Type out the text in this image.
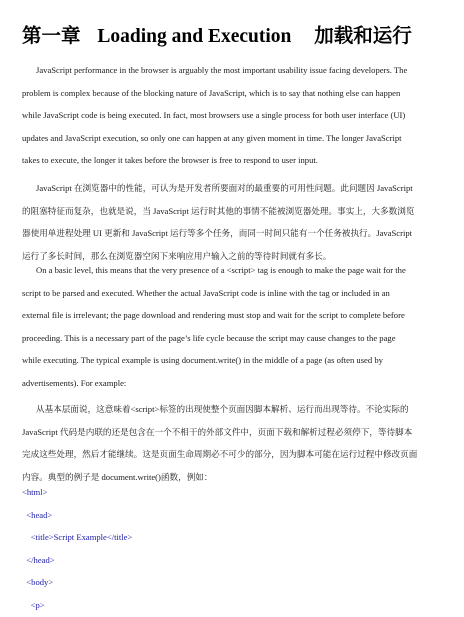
第一章 Loading and Execution 加载和运行
JavaScript performance in the browser is arguably the most important usability issue facing developers. The
problem is complex because of the blocking nature of JavaScript, which is to say that nothing else can happen
while JavaScript code is being executed. In fact, most browsers use a single process for both user interface (UI)
updates and JavaScript execution, so only one can happen at any given moment in time. The longer JavaScript
takes to execute, the longer it takes before the browser is free to respond to user input.
JavaScript 在浏览器中的性能，可认为是开发者所要面对的最重要的可用性问题。此问题因 JavaScript
的阻塞特征而复杂，也就是说，当 JavaScript 运行时其他的事情不能被浏览器处理。事实上，大多数浏览
器使用单进程处理 UI 更新和 JavaScript 运行等多个任务，而同一时间只能有一个任务被执行。JavaScript
运行了多长时间，那么在浏览器空闲下来响应用户输入之前的等待时间就有多长。
On a basic level, this means that the very presence of a <script> tag is enough to make the page wait for the
script to be parsed and executed. Whether the actual JavaScript code is inline with the tag or included in an
external file is irrelevant; the page download and rendering must stop and wait for the script to complete before
proceeding. This is a necessary part of the page’s life cycle because the script may cause changes to the page
while executing. The typical example is using document.write() in the middle of a page (as often used by
advertisements). For example:
从基本层面说，这意味着<script>标签的出现使整个页面因脚本解析、运行而出现等待。不论实际的
JavaScript 代码是内联的还是包含在一个不相干的外部文件中，页面下载和解析过程必须停下，等待脚本
完成这些处理，然后才能继续。这是页面生命周期必不可少的部分，因为脚本可能在运行过程中修改页面
内容。典型的例子是 document.write()函数，例如：
<html>
<head>
<title>Script Example</title>
</head>
<body>
<p>
